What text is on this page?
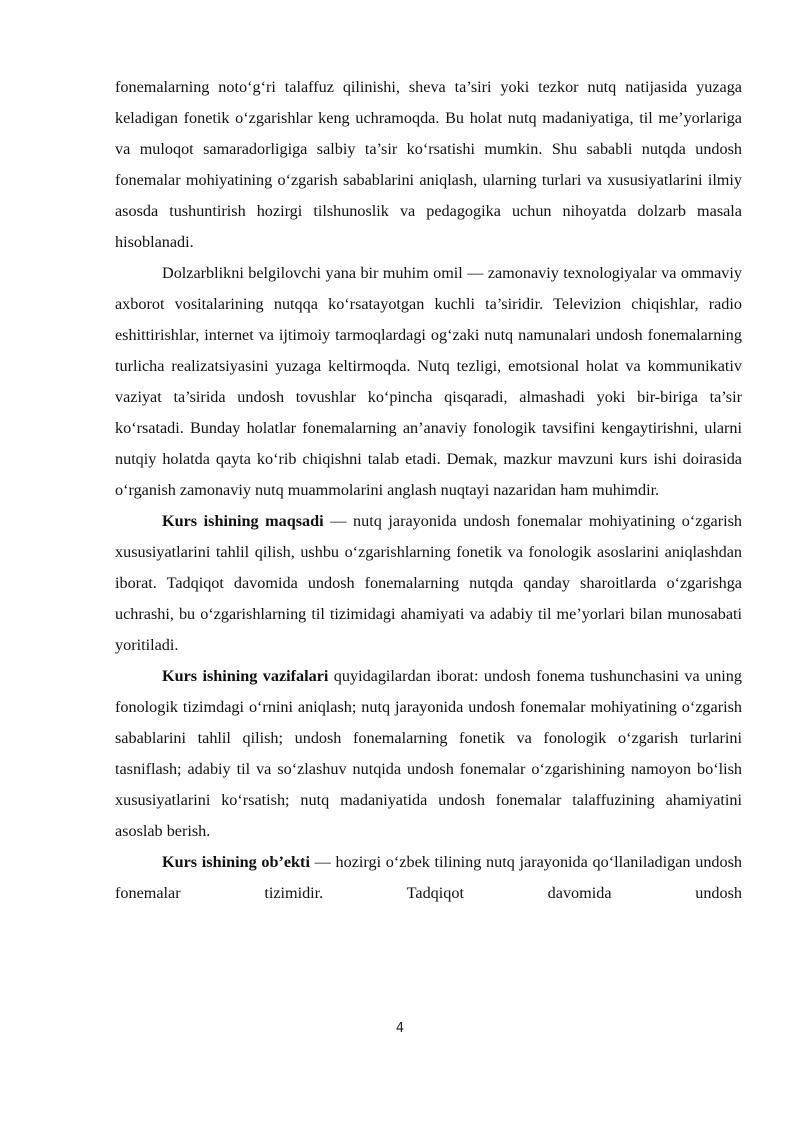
fonemalarning noto‘g‘ri talaffuz qilinishi, sheva ta’siri yoki tezkor nutq natijasida yuzaga keladigan fonetik o‘zgarishlar keng uchramoqda. Bu holat nutq madaniyatiga, til me’yorlariga va muloqot samaradorligiga salbiy ta’sir ko‘rsatishi mumkin. Shu sababli nutqda undosh fonemalar mohiyatining o‘zgarish sabablarini aniqlash, ularning turlari va xususiyatlarini ilmiy asosda tushuntirish hozirgi tilshunoslik va pedagogika uchun nihoyatda dolzarb masala hisoblanadi.

Dolzarblikni belgilovchi yana bir muhim omil — zamonaviy texnologiyalar va ommaviy axborot vositalarining nutqqa ko‘rsatayotgan kuchli ta’siridir. Televizion chiqishlar, radio eshittirishlar, internet va ijtimoiy tarmoqlardagi og‘zaki nutq namunalari undosh fonemalarning turlicha realizatsiyasini yuzaga keltirmoqda. Nutq tezligi, emotsional holat va kommunikativ vaziyat ta’sirida undosh tovushlar ko‘pincha qisqaradi, almashadi yoki bir-biriga ta’sir ko‘rsatadi. Bunday holatlar fonemalarning an’anaviy fonologik tavsifini kengaytirishni, ularni nutqiy holatda qayta ko‘rib chiqishni talab etadi. Demak, mazkur mavzuni kurs ishi doirasida o‘rganish zamonaviy nutq muammolarini anglash nuqtayi nazaridan ham muhimdir.

Kurs ishining maqsadi — nutq jarayonida undosh fonemalar mohiyatining o‘zgarish xususiyatlarini tahlil qilish, ushbu o‘zgarishlarning fonetik va fonologik asoslarini aniqlashdan iborat. Tadqiqot davomida undosh fonemalarning nutqda qanday sharoitlarda o‘zgarishga uchrashi, bu o‘zgarishlarning til tizimidagi ahamiyati va adabiy til me’yorlari bilan munosabati yoritiladi.

Kurs ishining vazifalari quyidagilardan iborat: undosh fonema tushunchasini va uning fonologik tizimdagi o‘rnini aniqlash; nutq jarayonida undosh fonemalar mohiyatining o‘zgarish sabablarini tahlil qilish; undosh fonemalarning fonetik va fonologik o‘zgarish turlarini tasniflash; adabiy til va so‘zlashuv nutqida undosh fonemalar o‘zgarishining namoyon bo‘lish xususiyatlarini ko‘rsatish; nutq madaniyatida undosh fonemalar talaffuzining ahamiyatini asoslab berish.

Kurs ishining ob’ekti — hozirgi o‘zbek tilining nutq jarayonida qo‘llaniladigan undosh fonemalar tizimidir. Tadqiqot davomida undosh

4
